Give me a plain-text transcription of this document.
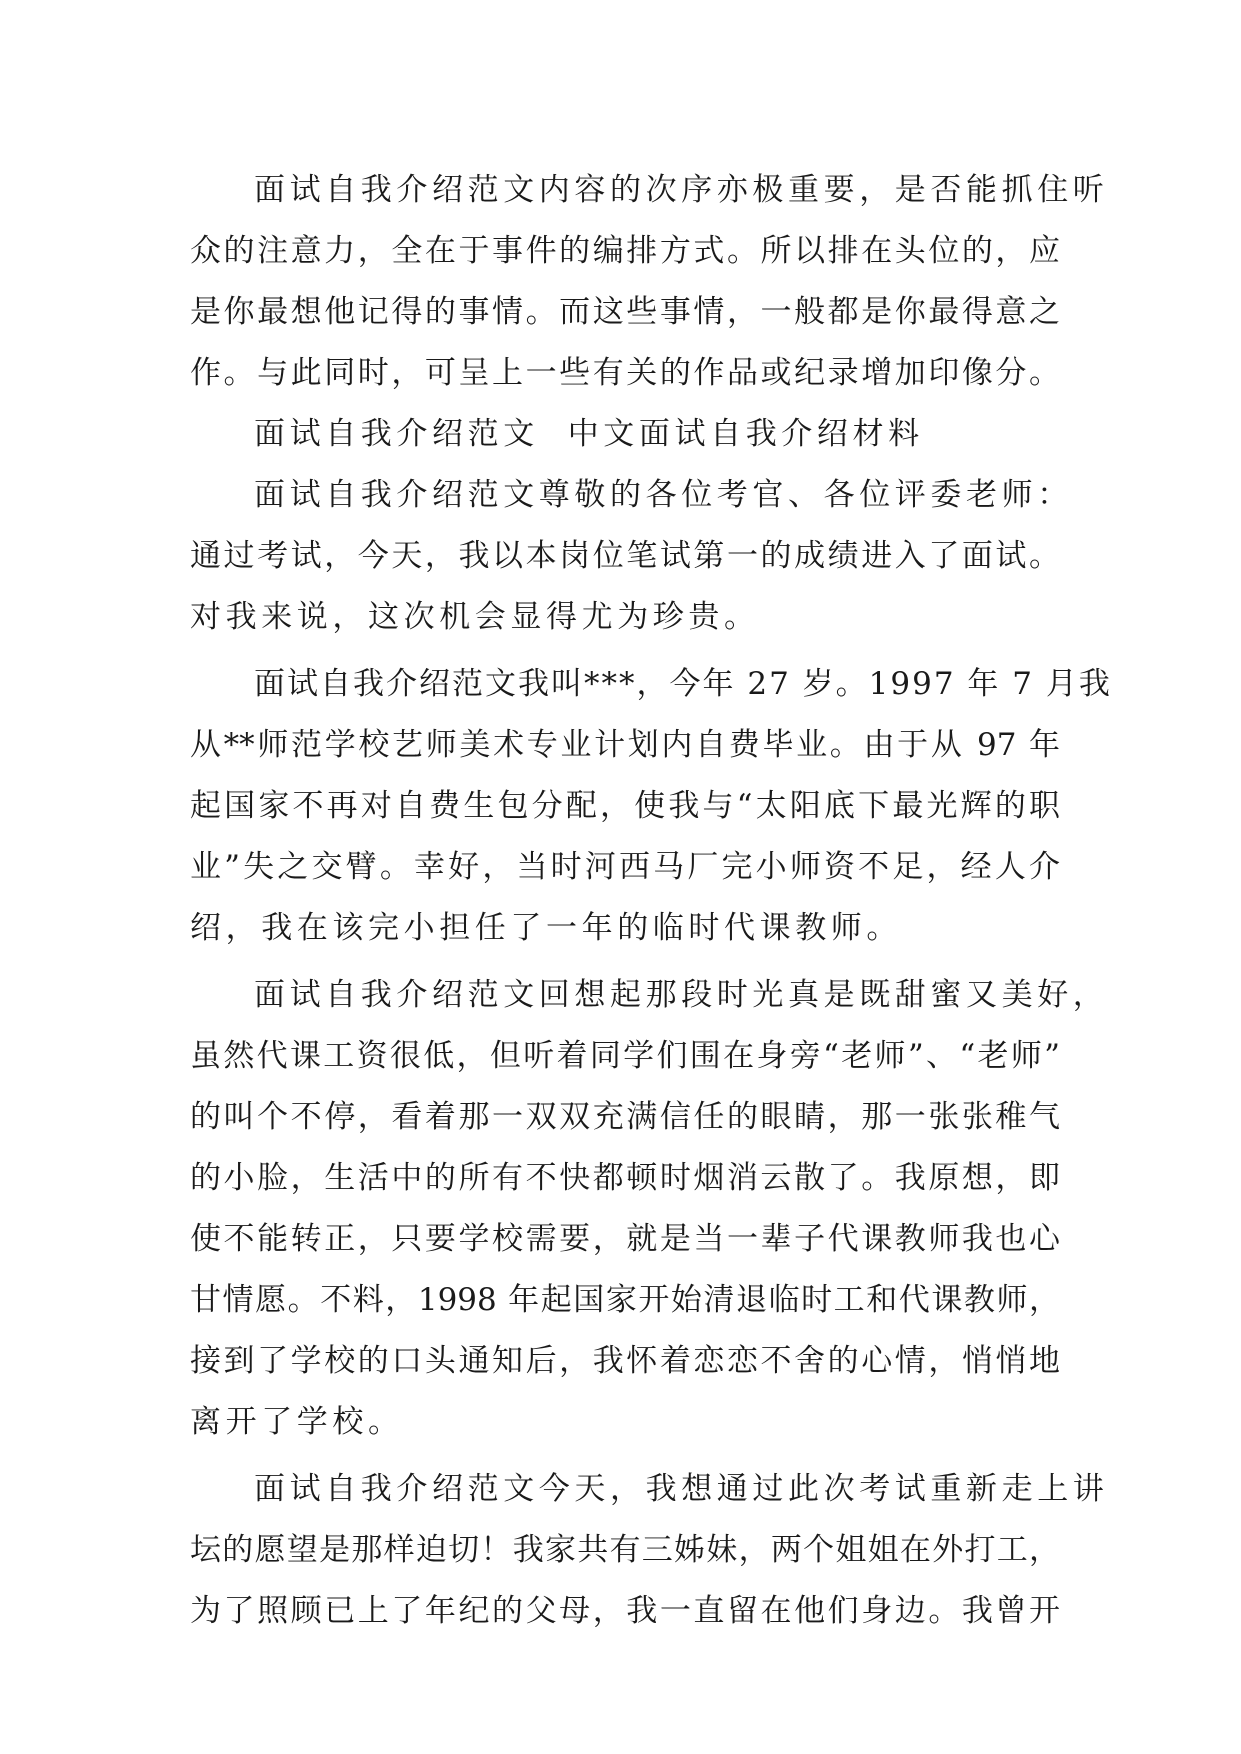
面试自我介绍范文内容的次序亦极重要，是否能抓住听
众的注意力，全在于事件的编排方式。所以排在头位的，应
是你最想他记得的事情。而这些事情，一般都是你最得意之
作。与此同时，可呈上一些有关的作品或纪录增加印像分。
面试自我介绍范文  中文面试自我介绍材料
面试自我介绍范文尊敬的各位考官、各位评委老师：
通过考试，今天，我以本岗位笔试第一的成绩进入了面试。
对我来说，这次机会显得尤为珍贵。
面试自我介绍范文我叫***，今年 27 岁。1997 年 7 月我
从**师范学校艺师美术专业计划内自费毕业。由于从 97 年
起国家不再对自费生包分配，使我与“太阳底下最光辉的职
业”失之交臂。幸好，当时河西马厂完小师资不足，经人介
绍，我在该完小担任了一年的临时代课教师。
面试自我介绍范文回想起那段时光真是既甜蜜又美好，
虽然代课工资很低，但听着同学们围在身旁“老师”、“老师”
的叫个不停，看着那一双双充满信任的眼睛，那一张张稚气
的小脸，生活中的所有不快都顿时烟消云散了。我原想，即
使不能转正，只要学校需要，就是当一辈子代课教师我也心
甘情愿。不料，1998 年起国家开始清退临时工和代课教师，
接到了学校的口头通知后，我怀着恋恋不舍的心情，悄悄地
离开了学校。
面试自我介绍范文今天，我想通过此次考试重新走上讲
坛的愿望是那样迫切！我家共有三姊妹，两个姐姐在外打工，
为了照顾已上了年纪的父母，我一直留在他们身边。我曾开
